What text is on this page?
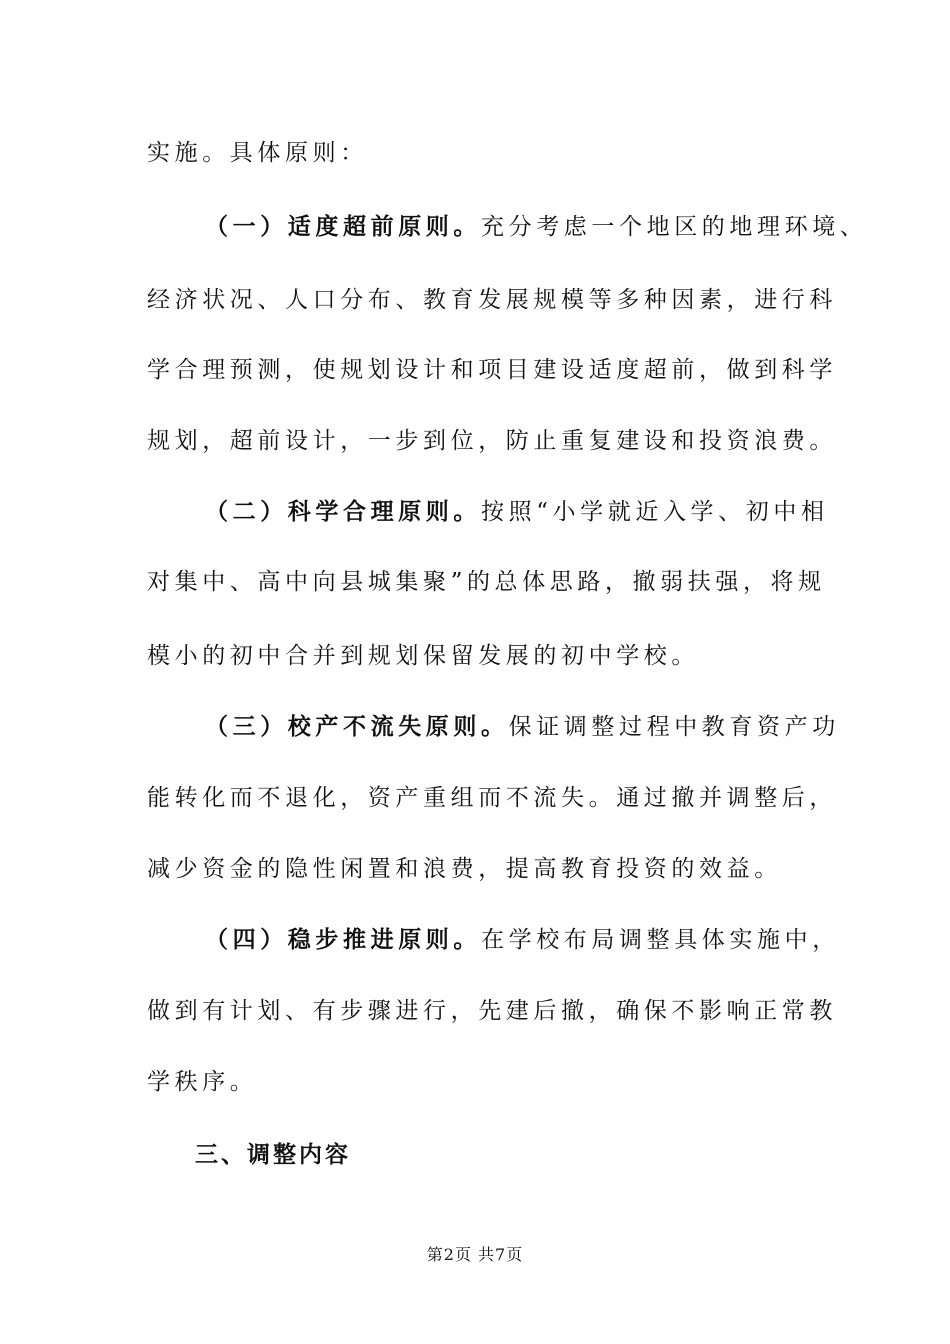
实施。具体原则：
（一）适度超前原则。充分考虑一个地区的地理环境、
经济状况、人口分布、教育发展规模等多种因素，进行科
学合理预测，使规划设计和项目建设适度超前，做到科学
规划，超前设计，一步到位，防止重复建设和投资浪费。
（二）科学合理原则。按照“小学就近入学、初中相
对集中、高中向县城集聚”的总体思路，撤弱扶强，将规
模小的初中合并到规划保留发展的初中学校。
（三）校产不流失原则。保证调整过程中教育资产功
能转化而不退化，资产重组而不流失。通过撤并调整后，
减少资金的隐性闲置和浪费，提高教育投资的效益。
（四）稳步推进原则。在学校布局调整具体实施中，
做到有计划、有步骤进行，先建后撤，确保不影响正常教
学秩序。
三、调整内容
第2页 共7页
